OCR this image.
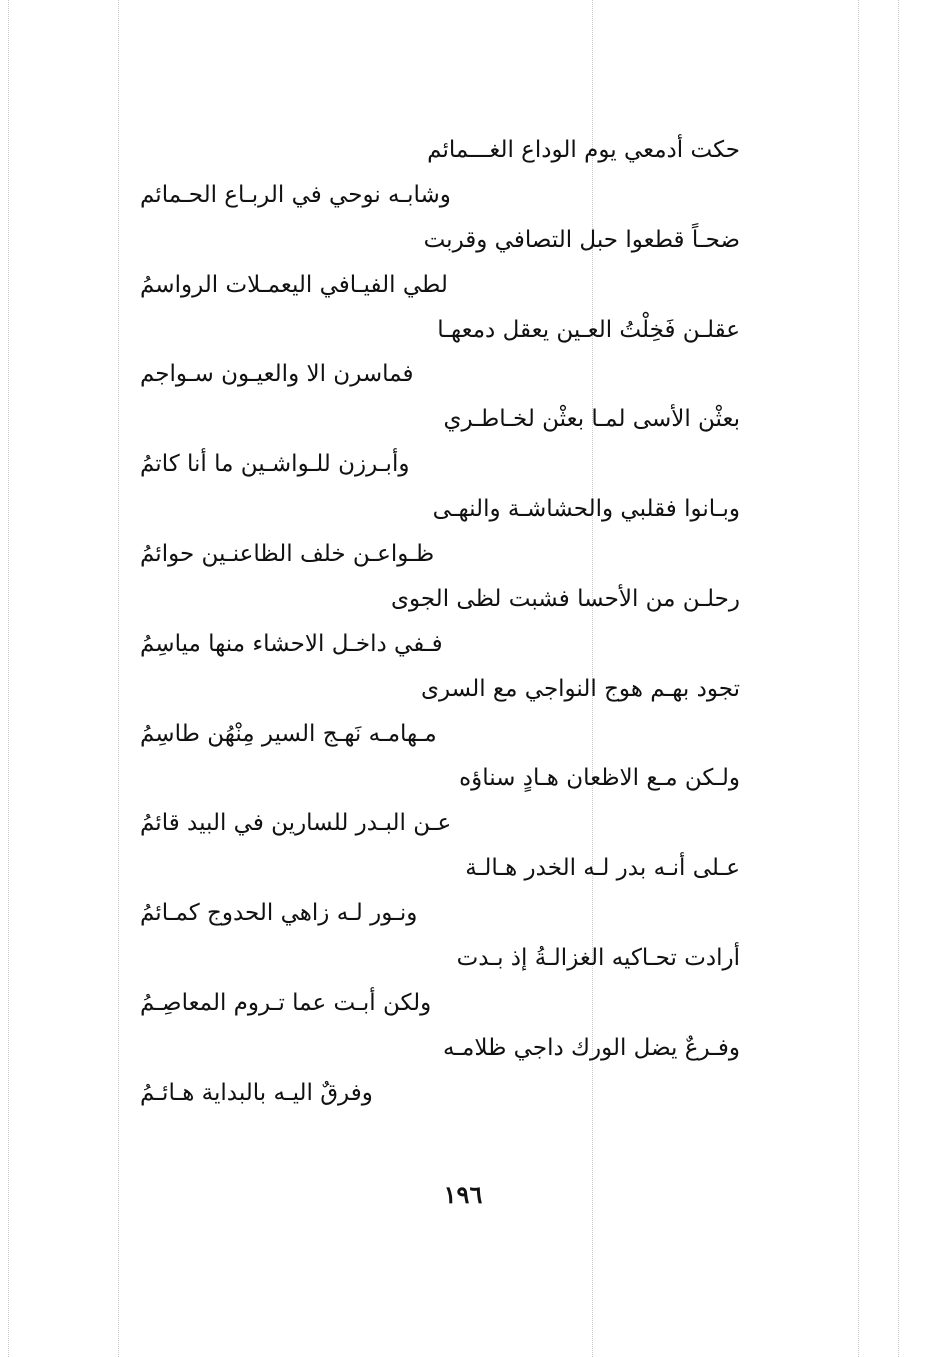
حكت أدمعي يوم الوداع الغـــمائم
وشابـه نوحي في الربـاع الحـمائم
ضحـاً قطعوا حبل التصافي وقربت
لطي الفيـافي اليعمـلات الرواسمُ
عقلـن فَخِلْتُ العـين يعقل دمعهـا
فماسرن الا والعيـون سـواجم
بعثْن الأسى لمـا بعثْن لخـاطـري
وأبـرزن للـواشـين ما أنا كاتمُ
وبـانوا فقلبي والحشاشـة والنهـى
ظـواعـن خلف الظاعنـين حوائمُ
رحلـن من الأحسا فشبت لظى الجوى
فـفي داخـل الاحشاء منها مياسِمُ
تجود بهـم هوج النواجي مع السرى
مـهامـه نَهـج السير مِنْهُن طاسِمُ
ولـكن مـع الاظعان هـادٍ سناؤه
عـن البـدر للسارين في البيد قائمُ
عـلى أنـه بدر لـه الخدر هـالـة
ونـور لـه زاهي الحدوج كمـائمُ
أرادت تحـاكيه الغزالـةُ إذ بـدت
ولكن أبـت عما تـروم المعاصِـمُ
وفـرعٌ يضل الورك داجي ظلامـه
وفرقٌ اليـه بالبداية هـائـمُ
١٩٦
